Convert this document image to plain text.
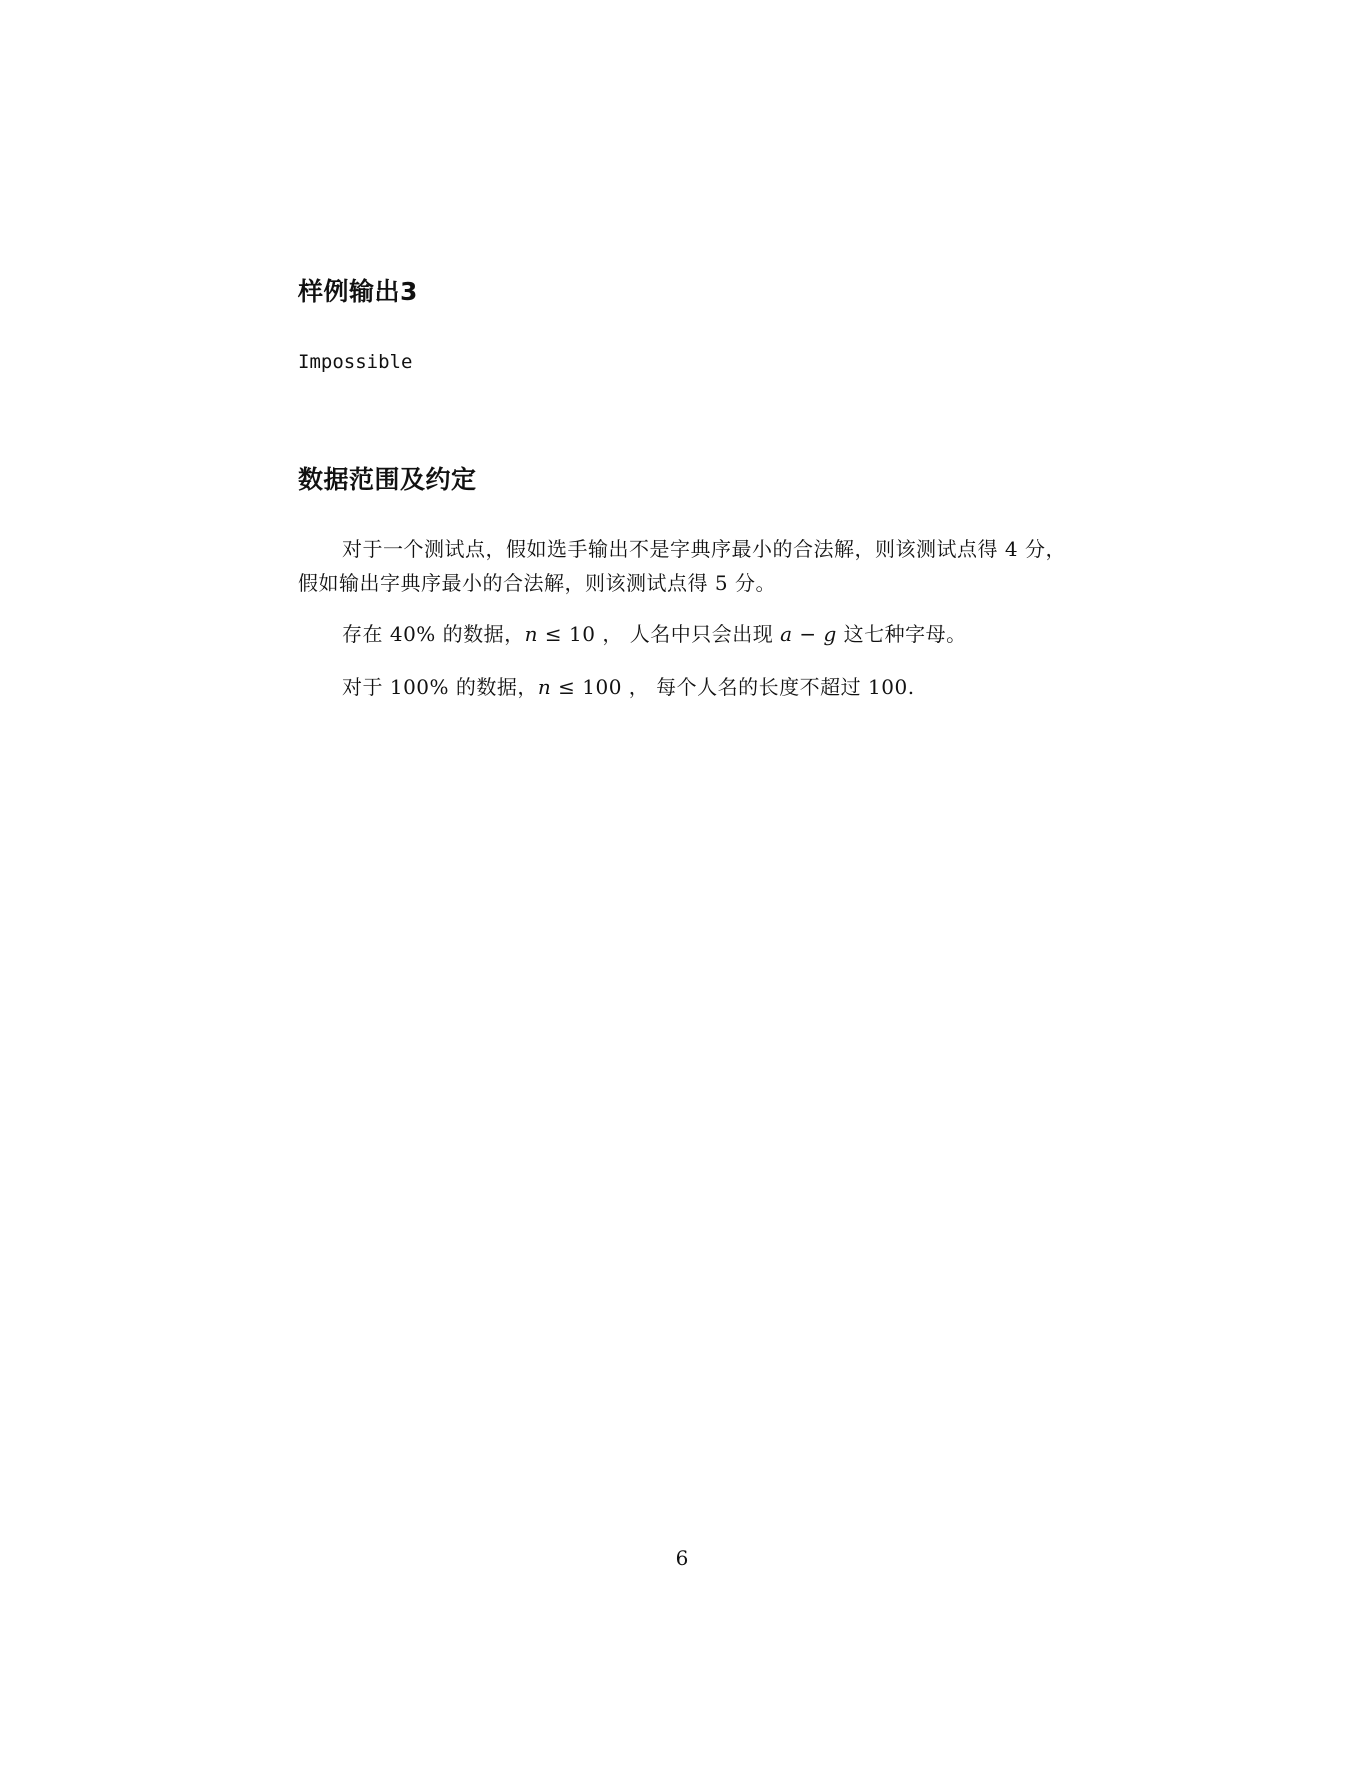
样例输出3
Impossible
数据范围及约定

对于一个测试点，假如选手输出不是字典序最小的合法解，则该测试点得 4 分，假如输出字典序最小的合法解，则该测试点得 5 分。

存在 40% 的数据，n ≤ 10 ， 人名中只会出现 a − g 这七种字母。

对于 100% 的数据，n ≤ 100 ， 每个人名的长度不超过 100.

6
